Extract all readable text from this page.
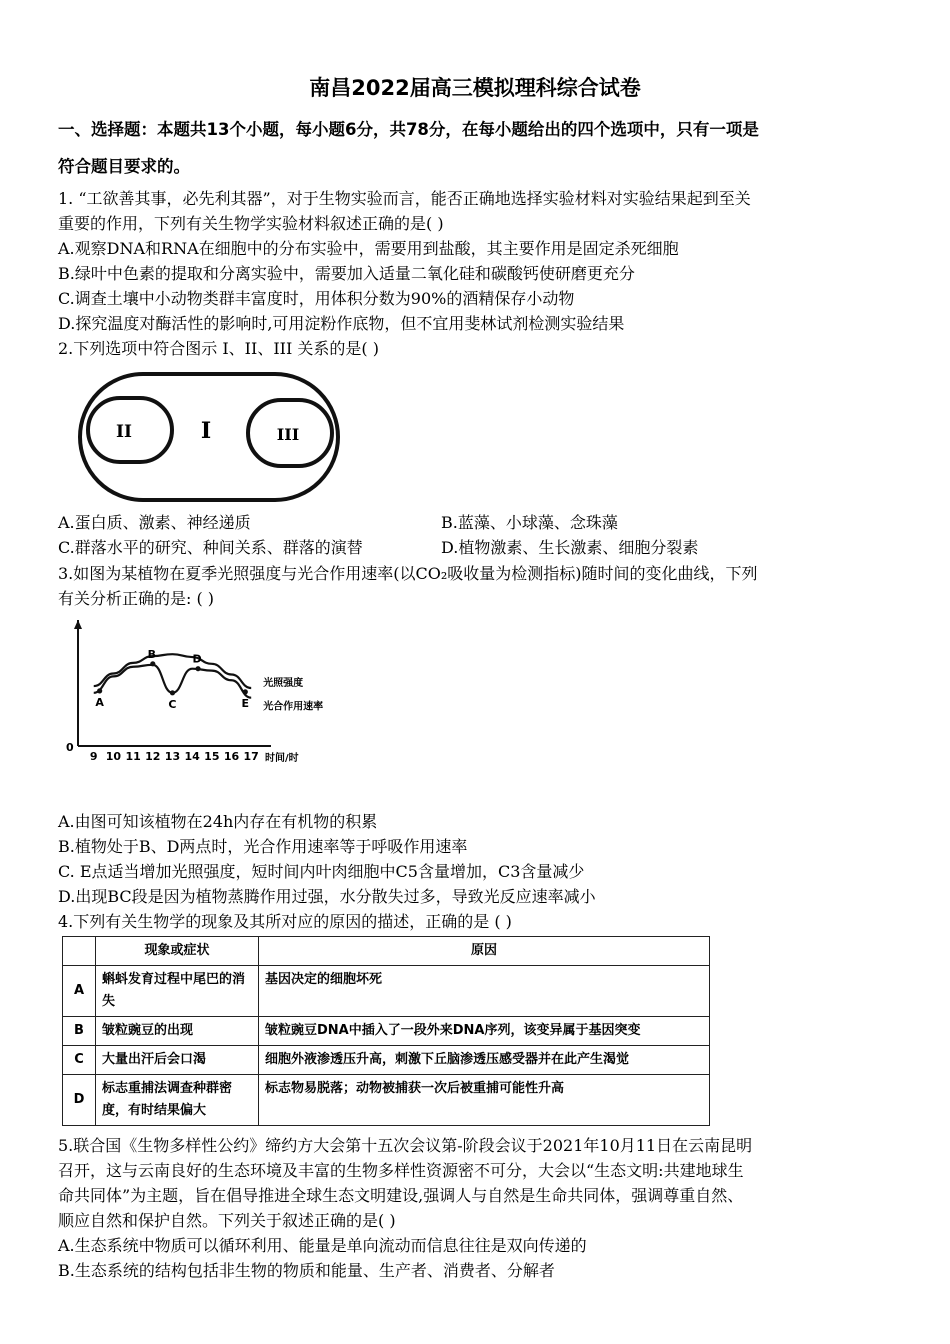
南昌2022届高三模拟理科综合试卷
一、选择题：本题共13个小题，每小题6分，共78分，在每小题给出的四个选项中，只有一项是
符合题目要求的。
1. “工欲善其事，必先利其器”，对于生物实验而言，能否正确地选择实验材料对实验结果起到至关
重要的作用，下列有关生物学实验材料叙述正确的是( )
A.观察DNA和RNA在细胞中的分布实验中，需要用到盐酸，其主要作用是固定杀死细胞
B.绿叶中色素的提取和分离实验中，需要加入适量二氧化硅和碳酸钙使研磨更充分
C.调查土壤中小动物类群丰富度时，用体积分数为90%的酒精保存小动物
D.探究温度对酶活性的影响时,可用淀粉作底物，但不宜用斐林试剂检测实验结果
2.下列选项中符合图示 I、II、III 关系的是( )
I
II	III
A.蛋白质、激素、神经递质	B.蓝藻、小球藻、念珠藻
C.群落水平的研究、种间关系、群落的演替	D.植物激素、生长激素、细胞分裂素
3.如图为某植物在夏季光照强度与光合作用速率(以CO₂吸收量为检测指标)随时间的变化曲线，下列
有关分析正确的是: ( )
0
光照强度
光合作用速率
A
B
C
D
E
9 10 11 12 13 14 15 16 17 时间/时
A.由图可知该植物在24h内存在有机物的积累
B.植物处于B、D两点时，光合作用速率等于呼吸作用速率
C. E点适当增加光照强度，短时间内叶肉细胞中C5含量增加，C3含量减少
D.出现BC段是因为植物蒸腾作用过强，水分散失过多，导致光反应速率减小
4.下列有关生物学的现象及其所对应的原因的描述，正确的是 ( )
	现象或症状	原因
A	蝌蚪发育过程中尾巴的消失	基因决定的细胞坏死
B	皱粒豌豆的出现	皱粒豌豆DNA中插入了一段外来DNA序列，该变异属于基因突变
C	大量出汗后会口渴	细胞外液渗透压升高，刺激下丘脑渗透压感受器并在此产生渴觉
D	标志重捕法调查种群密度，有时结果偏大	标志物易脱落；动物被捕获一次后被重捕可能性升高
5.联合国《生物多样性公约》缔约方大会第十五次会议第-阶段会议于2021年10月11日在云南昆明
召开，这与云南良好的生态环境及丰富的生物多样性资源密不可分，大会以“生态文明:共建地球生
命共同体”为主题，旨在倡导推进全球生态文明建设,强调人与自然是生命共同体，强调尊重自然、
顺应自然和保护自然。下列关于叙述正确的是( )
A.生态系统中物质可以循环利用、能量是单向流动而信息往往是双向传递的
B.生态系统的结构包括非生物的物质和能量、生产者、消费者、分解者
